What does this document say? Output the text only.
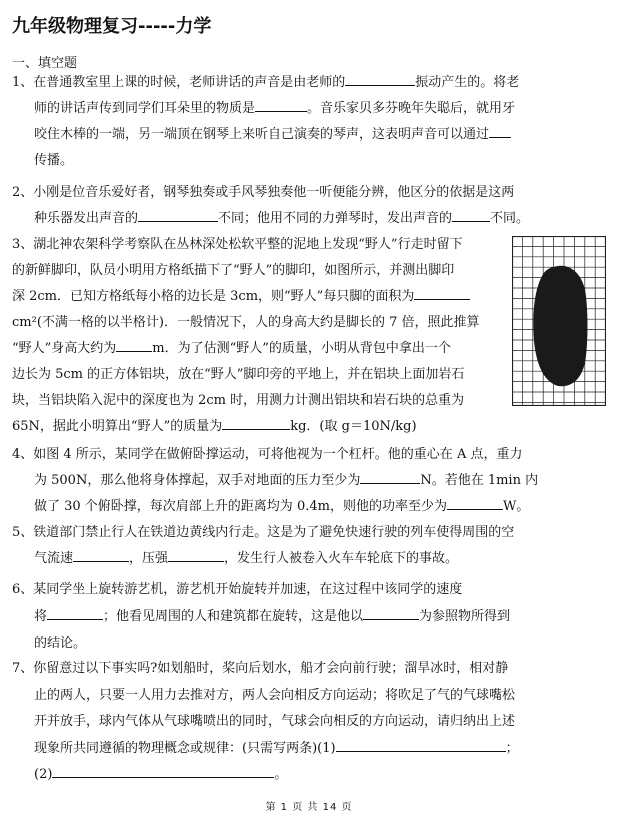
九年级物理复习-----力学
一、填空题
1、在普通教室里上课的时候，老师讲话的声音是由老师的	振动产生的。将老
师的讲话声传到同学们耳朵里的物质是	。音乐家贝多芬晚年失聪后，就用牙
咬住木棒的一端，另一端顶在钢琴上来听自己演奏的琴声，这表明声音可以通过
传播。
2、小刚是位音乐爱好者，钢琴独奏或手风琴独奏他一听便能分辨，他区分的依据是这两
种乐器发出声音的	不同；他用不同的力弹琴时，发出声音的	不同。
3、湖北神农架科学考察队在丛林深处松软平整的泥地上发现“野人”行走时留下
的新鲜脚印，队员小明用方格纸描下了“野人”的脚印，如图所示，并测出脚印
深 2cm．已知方格纸每小格的边长是 3cm，则“野人”每只脚的面积为
cm²(不满一格的以半格计)．一般情况下，人的身高大约是脚长的 7 倍，照此推算
“野人”身高大约为	m．为了估测“野人”的质量，小明从背包中拿出一个
边长为 5cm 的正方体铝块，放在“野人”脚印旁的平地上，并在铝块上面加岩石
块，当铝块陷入泥中的深度也为 2cm 时，用测力计测出铝块和岩石块的总重为
65N，据此小明算出“野人”的质量为	kg．(取 g＝10N/kg)
4、如图 4 所示，某同学在做俯卧撑运动，可将他视为一个杠杆。他的重心在 A 点，重力
为 500N，那么他将身体撑起，双手对地面的压力至少为	N。若他在 1min 内
做了 30 个俯卧撑，每次肩部上升的距离均为 0.4m，则他的功率至少为	W。
5、铁道部门禁止行人在铁道边黄线内行走。这是为了避免快速行驶的列车使得周围的空
气流速	，压强	，发生行人被卷入火车车轮底下的事故。
6、某同学坐上旋转游艺机，游艺机开始旋转并加速，在这过程中该同学的速度
将	；他看见周围的人和建筑都在旋转，这是他以	为参照物所得到
的结论。
7、你留意过以下事实吗?如划船时，桨向后划水，船才会向前行驶；溜旱冰时，相对静
止的两人，只要一人用力去推对方，两人会向相反方向运动；将吹足了气的气球嘴松
开并放手，球内气体从气球嘴喷出的同时，气球会向相反的方向运动，请归纳出上述
现象所共同遵循的物理概念或规律：(只需写两条)(1)	；
(2)	。
第 1 页 共 14 页
